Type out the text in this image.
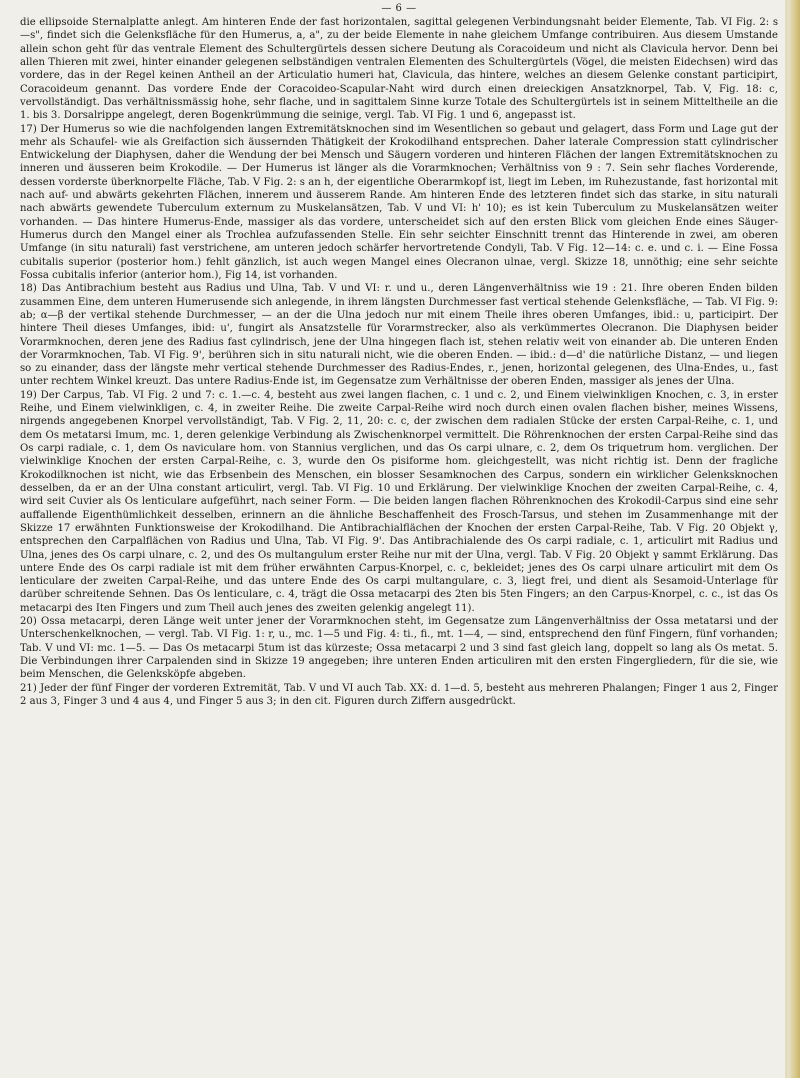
— 6 —

die ellipsoide Sternalplatte anlegt. Am hinteren Ende der fast horizontalen, sagittal gelegenen Verbindungsnaht beider Elemente, Tab. VI Fig. 2: s—s", findet sich die Gelenksfläche für den Humerus, a, a", zu der beide Elemente in nahe gleichem Umfange contribuiren. Aus diesem Umstande allein schon geht für das ventrale Element des Schultergürtels dessen sichere Deutung als Coracoideum und nicht als Clavicula hervor. Denn bei allen Thieren mit zwei, hinter einander gelegenen selbständigen ventralen Elementen des Schultergürtels (Vögel, die meisten Eidechsen) wird das vordere, das in der Regel keinen Antheil an der Articulatio humeri hat, Clavicula, das hintere, welches an diesem Gelenke constant participirt, Coracoideum genannt. Das vordere Ende der Coracoideo-Scapular-Naht wird durch einen dreieckigen Ansatzknorpel, Tab. V, Fig. 18: c, vervollständigt. Das verhältnissmässig hohe, sehr flache, und in sagittalem Sinne kurze Totale des Schultergürtels ist in seinem Mitteltheile an die 1. bis 3. Dorsalrippe angelegt, deren Bogenkrümmung die seinige, vergl. Tab. VI Fig. 1 und 6, angepasst ist.

17) Der Humerus so wie die nachfolgenden langen Extremitätsknochen sind im Wesentlichen so gebaut und gelagert, dass Form und Lage gut der mehr als Schaufel- wie als Greifaction sich äussernden Thätigkeit der Krokodilhand entsprechen. Daher laterale Compression statt cylindrischer Entwickelung der Diaphysen, daher die Wendung der bei Mensch und Säugern vorderen und hinteren Flächen der langen Extremitätsknochen zu inneren und äusseren beim Krokodile. — Der Humerus ist länger als die Vorarmknochen; Verhältniss von 9 : 7. Sein sehr flaches Vorderende, dessen vorderste überknorpelte Fläche, Tab. V Fig. 2: s an h, der eigentliche Oberarmkopf ist, liegt im Leben, im Ruhezustande, fast horizontal mit nach auf- und abwärts gekehrten Flächen, innerem und äusserem Rande. Am hinteren Ende des letzteren findet sich das starke, in situ naturali nach abwärts gewendete Tuberculum externum zu Muskelansätzen, Tab. V und VI: h' 10); es ist kein Tuberculum zu Muskelansätzen weiter vorhanden. — Das hintere Humerus-Ende, massiger als das vordere, unterscheidet sich auf den ersten Blick vom gleichen Ende eines Säuger-Humerus durch den Mangel einer als Trochlea aufzufassenden Stelle. Ein sehr seichter Einschnitt trennt das Hinterende in zwei, am oberen Umfange (in situ naturali) fast verstrichene, am unteren jedoch schärfer hervortretende Condyli, Tab. V Fig. 12—14: c. e. und c. i. — Eine Fossa cubitalis superior (posterior hom.) fehlt gänzlich, ist auch wegen Mangel eines Olecranon ulnae, vergl. Skizze 18, unnöthig; eine sehr seichte Fossa cubitalis inferior (anterior hom.), Fig 14, ist vorhanden.

18) Das Antibrachium besteht aus Radius und Ulna, Tab. V und VI: r. und u., deren Längenverhältniss wie 19 : 21. Ihre oberen Enden bilden zusammen Eine, dem unteren Humerusende sich anlegende, in ihrem längsten Durchmesser fast vertical stehende Gelenksfläche, — Tab. VI Fig. 9: ab; α—β der vertikal stehende Durchmesser, — an der die Ulna jedoch nur mit einem Theile ihres oberen Umfanges, ibid.: u, participirt. Der hintere Theil dieses Umfanges, ibid: u', fungirt als Ansatzstelle für Vorarmstrecker, also als verkümmertes Olecranon. Die Diaphysen beider Vorarmknochen, deren jene des Radius fast cylindrisch, jene der Ulna hingegen flach ist, stehen relativ weit von einander ab. Die unteren Enden der Vorarmknochen, Tab. VI Fig. 9', berühren sich in situ naturali nicht, wie die oberen Enden. — ibid.: d—d' die natürliche Distanz, — und liegen so zu einander, dass der längste mehr vertical stehende Durchmesser des Radius-Endes, r., jenen, horizontal gelegenen, des Ulna-Endes, u., fast unter rechtem Winkel kreuzt. Das untere Radius-Ende ist, im Gegensatze zum Verhältnisse der oberen Enden, massiger als jenes der Ulna.

19) Der Carpus, Tab. VI Fig. 2 und 7: c. 1.—c. 4, besteht aus zwei langen flachen, c. 1 und c. 2, und Einem vielwinkligen Knochen, c. 3, in erster Reihe, und Einem vielwinkligen, c. 4, in zweiter Reihe. Die zweite Carpal-Reihe wird noch durch einen ovalen flachen bisher, meines Wissens, nirgends angegebenen Knorpel vervollständigt, Tab. V Fig. 2, 11, 20: c. c, der zwischen dem radialen Stücke der ersten Carpal-Reihe, c. 1, und dem Os metatarsi Imum, mc. 1, deren gelenkige Verbindung als Zwischenknorpel vermittelt. Die Röhrenknochen der ersten Carpal-Reihe sind das Os carpi radiale, c. 1, dem Os naviculare hom. von Stannius verglichen, und das Os carpi ulnare, c. 2, dem Os triquetrum hom. verglichen. Der vielwinklige Knochen der ersten Carpal-Reihe, c. 3, wurde den Os pisiforme hom. gleichgestellt, was nicht richtig ist. Denn der fragliche Krokodilknochen ist nicht, wie das Erbsenbein des Menschen, ein blosser Sesamknochen des Carpus, sondern ein wirklicher Gelenksknochen desselben, da er an der Ulna constant articulirt, vergl. Tab. VI Fig. 10 und Erklärung. Der vielwinklige Knochen der zweiten Carpal-Reihe, c. 4, wird seit Cuvier als Os lenticulare aufgeführt, nach seiner Form. — Die beiden langen flachen Röhrenknochen des Krokodil-Carpus sind eine sehr auffallende Eigenthümlichkeit desselben, erinnern an die ähnliche Beschaffenheit des Frosch-Tarsus, und stehen im Zusammenhange mit der Skizze 17 erwähnten Funktionsweise der Krokodilhand. Die Antibrachialflächen der Knochen der ersten Carpal-Reihe, Tab. V Fig. 20 Objekt γ, entsprechen den Carpalflächen von Radius und Ulna, Tab. VI Fig. 9'. Das Antibrachialende des Os carpi radiale, c. 1, articulirt mit Radius und Ulna, jenes des Os carpi ulnare, c. 2, und des Os multangulum erster Reihe nur mit der Ulna, vergl. Tab. V Fig. 20 Objekt γ sammt Erklärung. Das untere Ende des Os carpi radiale ist mit dem früher erwähnten Carpus-Knorpel, c. c, bekleidet; jenes des Os carpi ulnare articulirt mit dem Os lenticulare der zweiten Carpal-Reihe, und das untere Ende des Os carpi multangulare, c. 3, liegt frei, und dient als Sesamoid-Unterlage für darüber schreitende Sehnen. Das Os lenticulare, c. 4, trägt die Ossa metacarpi des 2ten bis 5ten Fingers; an den Carpus-Knorpel, c. c., ist das Os metacarpi des Iten Fingers und zum Theil auch jenes des zweiten gelenkig angelegt 11).

20) Ossa metacarpi, deren Länge weit unter jener der Vorarmknochen steht, im Gegensatze zum Längenverhältniss der Ossa metatarsi und der Unterschenkelknochen, — vergl. Tab. VI Fig. 1: r, u., mc. 1—5 und Fig. 4: ti., fi., mt. 1—4, — sind, entsprechend den fünf Fingern, fünf vorhanden; Tab. V und VI: mc. 1—5. — Das Os metacarpi 5tum ist das kürzeste; Ossa metacarpi 2 und 3 sind fast gleich lang, doppelt so lang als Os metat. 5. Die Verbindungen ihrer Carpalenden sind in Skizze 19 angegeben; ihre unteren Enden articuliren mit den ersten Fingergliedern, für die sie, wie beim Menschen, die Gelenksköpfe abgeben.

21) Jeder der fünf Finger der vorderen Extremität, Tab. V und VI auch Tab. XX: d. 1—d. 5, besteht aus mehreren Phalangen; Finger 1 aus 2, Finger 2 aus 3, Finger 3 und 4 aus 4, und Finger 5 aus 3; in den cit. Figuren durch Ziffern ausgedrückt.
